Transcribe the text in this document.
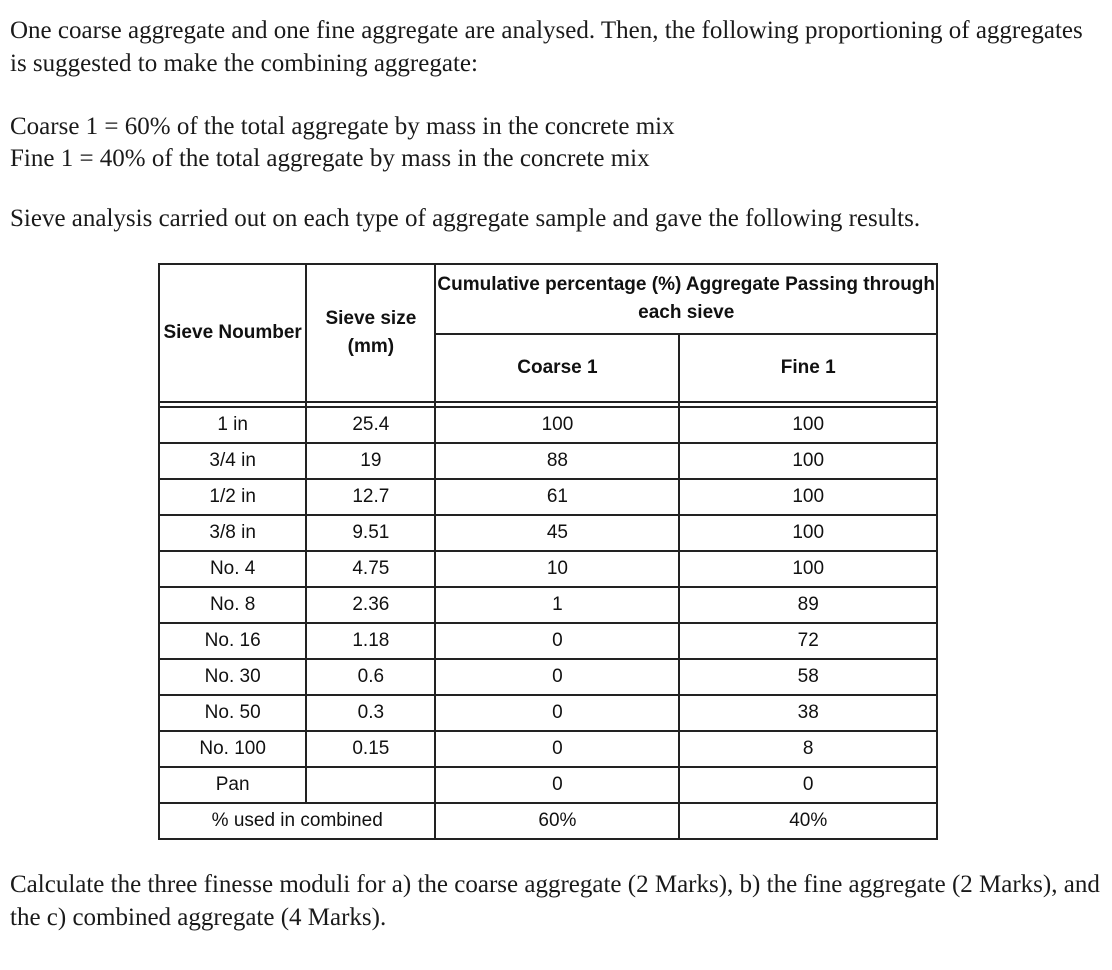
One coarse aggregate and one fine aggregate are analysed. Then, the following proportioning of aggregates is suggested to make the combining aggregate:

Coarse 1 = 60% of the total aggregate by mass in the concrete mix

Fine 1 = 40% of the total aggregate by mass in the concrete mix

Sieve analysis carried out on each type of aggregate sample and gave the following results.

Sieve Noumber	Sieve size (mm)	Cumulative percentage (%) Aggregate Passing through each sieve	
		Coarse 1	Fine 1

1 in	25.4	100	100
3/4 in	19	88	100
1/2 in	12.7	61	100
3/8 in	9.51	45	100
No. 4	4.75	10	100
No. 8	2.36	1	89
No. 16	1.18	0	72
No. 30	0.6	0	58
No. 50	0.3	0	38
No. 100	0.15	0	8
Pan		0	0
% used in combined		60%	40%

Calculate the three finesse moduli for a) the coarse aggregate (2 Marks), b) the fine aggregate (2 Marks), and the c) combined aggregate (4 Marks).
